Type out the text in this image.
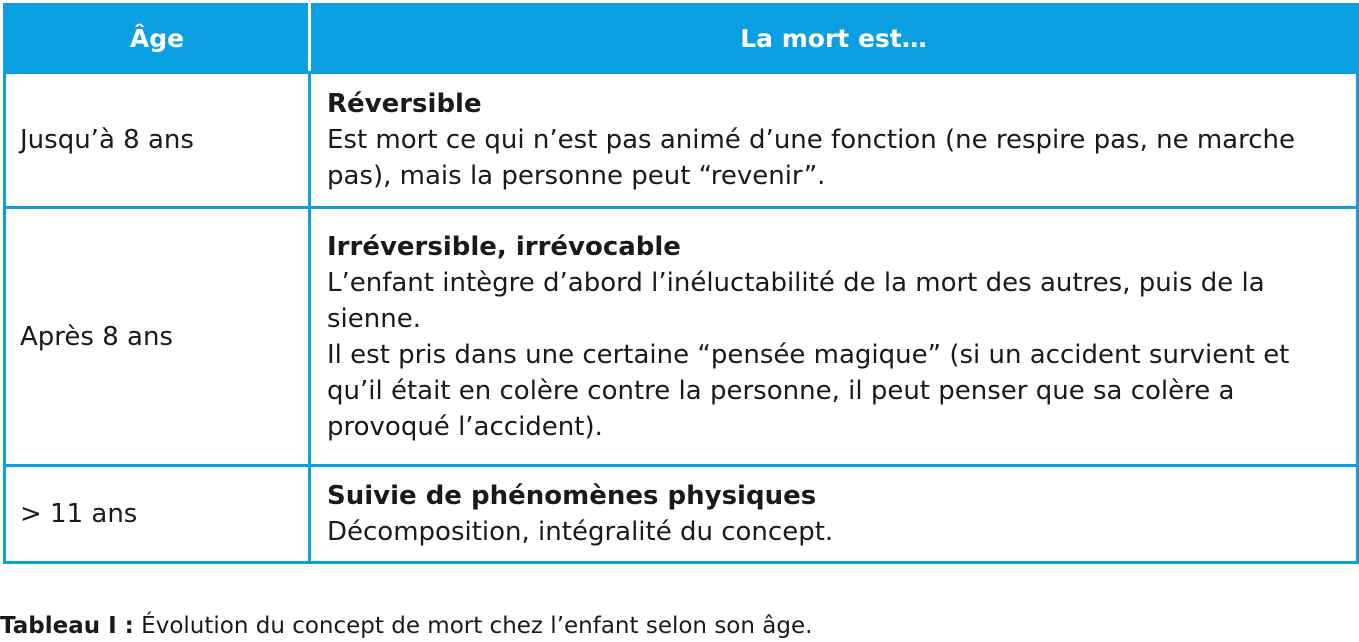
Âge	La mort est…
Jusqu’à 8 ans	Réversible
Est mort ce qui n’est pas animé d’une fonction (ne respire pas, ne marche pas), mais la personne peut “revenir”.

Après 8 ans	Irréversible, irrévocable
L’enfant intègre d’abord l’inéluctabilité de la mort des autres, puis de la sienne.
Il est pris dans une certaine “pensée magique” (si un accident survient et qu’il était en colère contre la personne, il peut penser que sa colère a provoqué l’accident).

> 11 ans	Suivie de phénomènes physiques
Décomposition, intégralité du concept.
Tableau I : Évolution du concept de mort chez l’enfant selon son âge.
